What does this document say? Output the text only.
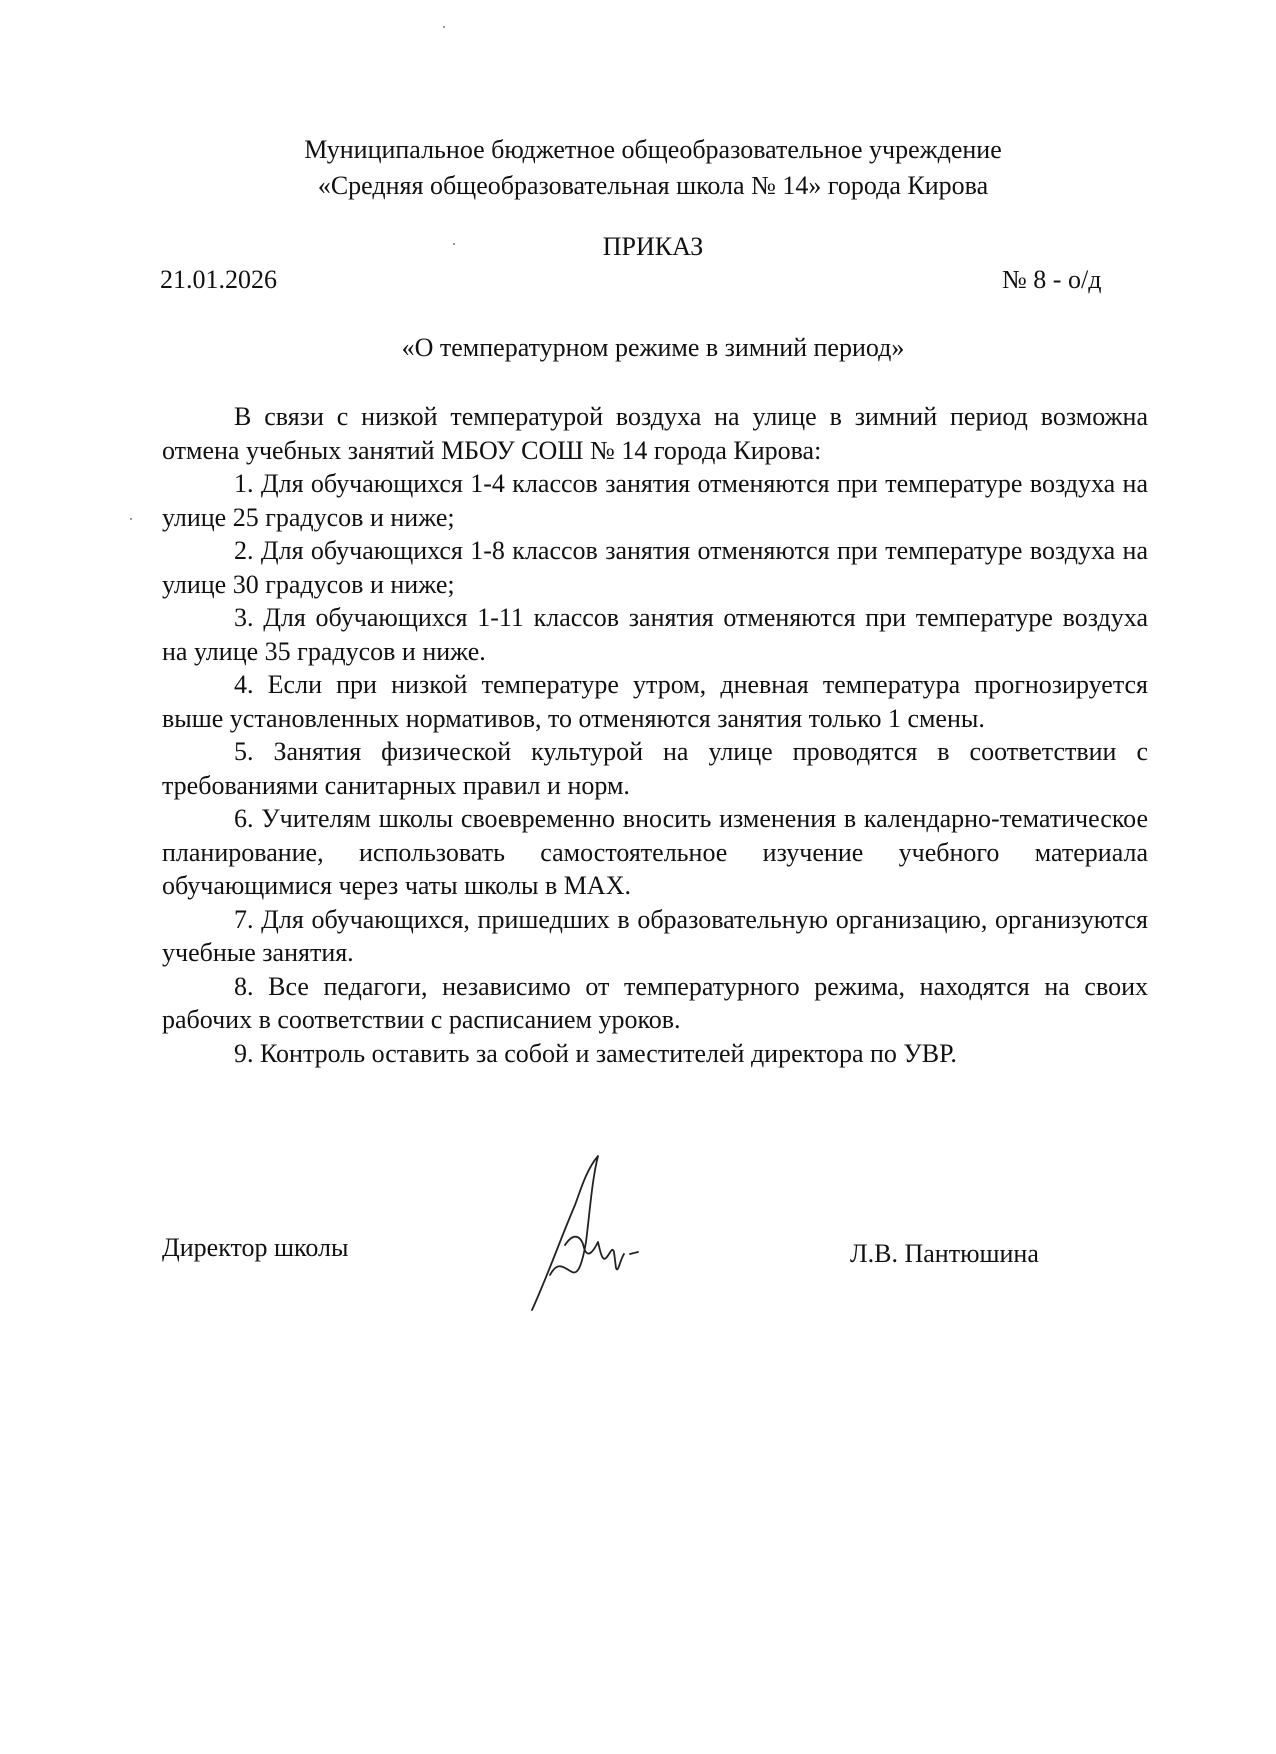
Муниципальное бюджетное общеобразовательное учреждение
«Средняя общеобразовательная школа № 14» города Кирова
ПРИКАЗ
21.01.2026	№ 8 - о/д
«О температурном режиме в зимний период»

В связи с низкой температурой воздуха на улице в зимний период возможна отмена учебных занятий МБОУ СОШ № 14 города Кирова:

1. Для обучающихся 1-4 классов занятия отменяются при температуре воздуха на улице 25 градусов и ниже;

2. Для обучающихся 1-8 классов занятия отменяются при температуре воздуха на улице 30 градусов и ниже;

3. Для обучающихся 1-11 классов занятия отменяются при температуре воздуха на улице 35 градусов и ниже.

4. Если при низкой температуре утром, дневная температура прогнозируется выше установленных нормативов, то отменяются занятия только 1 смены.

5. Занятия физической культурой на улице проводятся в соответствии с требованиями санитарных правил и норм.

6. Учителям школы своевременно вносить изменения в календарно-тематическое планирование, использовать самостоятельное изучение учебного материала обучающимися через чаты школы в MAX.

7. Для обучающихся, пришедших в образовательную организацию, организуются учебные занятия.

8. Все педагоги, независимо от температурного режима, находятся на своих рабочих в соответствии с расписанием уроков.

9. Контроль оставить за собой и заместителей директора по УВР.

Директор школы	Л.В. Пантюшина
